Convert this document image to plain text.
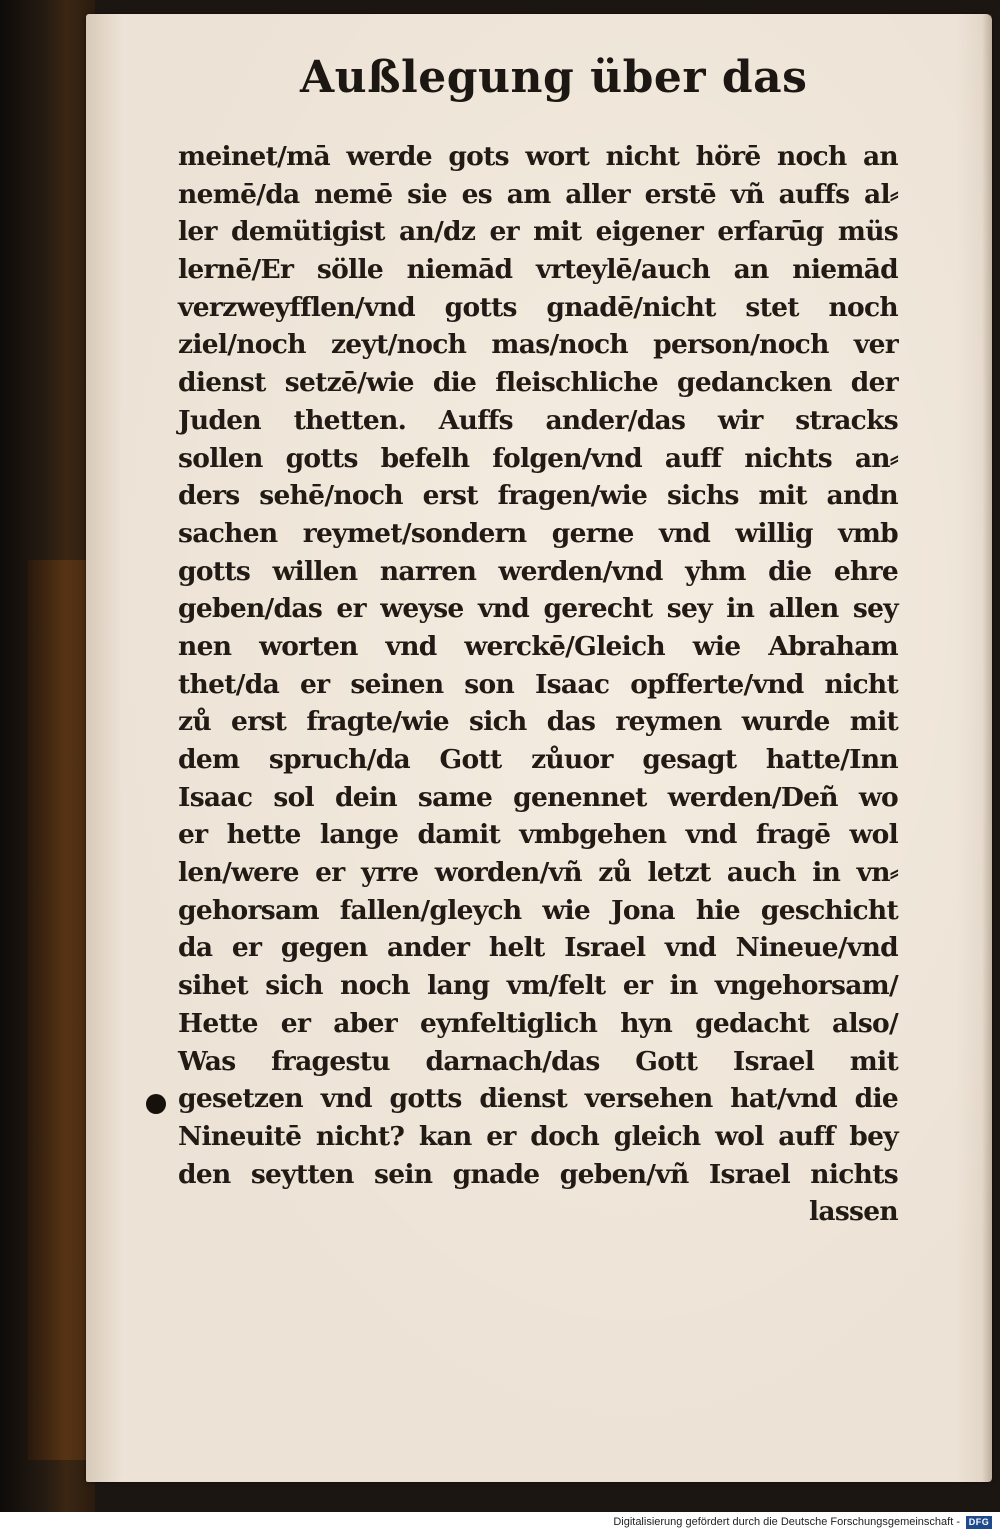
Außlegung über das
meinet/mā werde gots wort nicht hörē noch an
nemē/da nemē sie es am aller erstē vñ auffs al⸗
ler demütigist an/dz er mit eigener erfarūg müs
lernē/Er sölle niemād vrteylē/auch an niemād
verzweyfflen/vnd gotts gnadē/nicht stet noch
ziel/noch zeyt/noch mas/noch person/noch ver
dienst setzē/wie die fleischliche gedancken der
Juden thetten. Auffs ander/das wir stracks
sollen gotts befelh folgen/vnd auff nichts an⸗
ders sehē/noch erst fragen/wie sichs mit andn
sachen reymet/sondern gerne vnd willig vmb
gotts willen narren werden/vnd yhm die ehre
geben/das er weyse vnd gerecht sey in allen sey
nen worten vnd werckē/Gleich wie Abraham
thet/da er seinen son Isaac opfferte/vnd nicht
zů erst fragte/wie sich das reymen wurde mit
dem spruch/da Gott zůuor gesagt hatte/Inn
Isaac sol dein same genennet werden/Deñ wo
er hette lange damit vmbgehen vnd fragē wol
len/were er yrre worden/vñ zů letzt auch in vn⸗
gehorsam fallen/gleych wie Jona hie geschicht
da er gegen ander helt Israel vnd Nineue/vnd
sihet sich noch lang vm/felt er in vngehorsam/
Hette er aber eynfeltiglich hyn gedacht also/
Was fragestu darnach/das Gott Israel mit
gesetzen vnd gotts dienst versehen hat/vnd die
Nineuitē nicht? kan er doch gleich wol auff bey
den seytten sein gnade geben/vñ Israel nichts
lassen
Digitalisierung gefördert durch die Deutsche Forschungsgemeinschaft - DFG
